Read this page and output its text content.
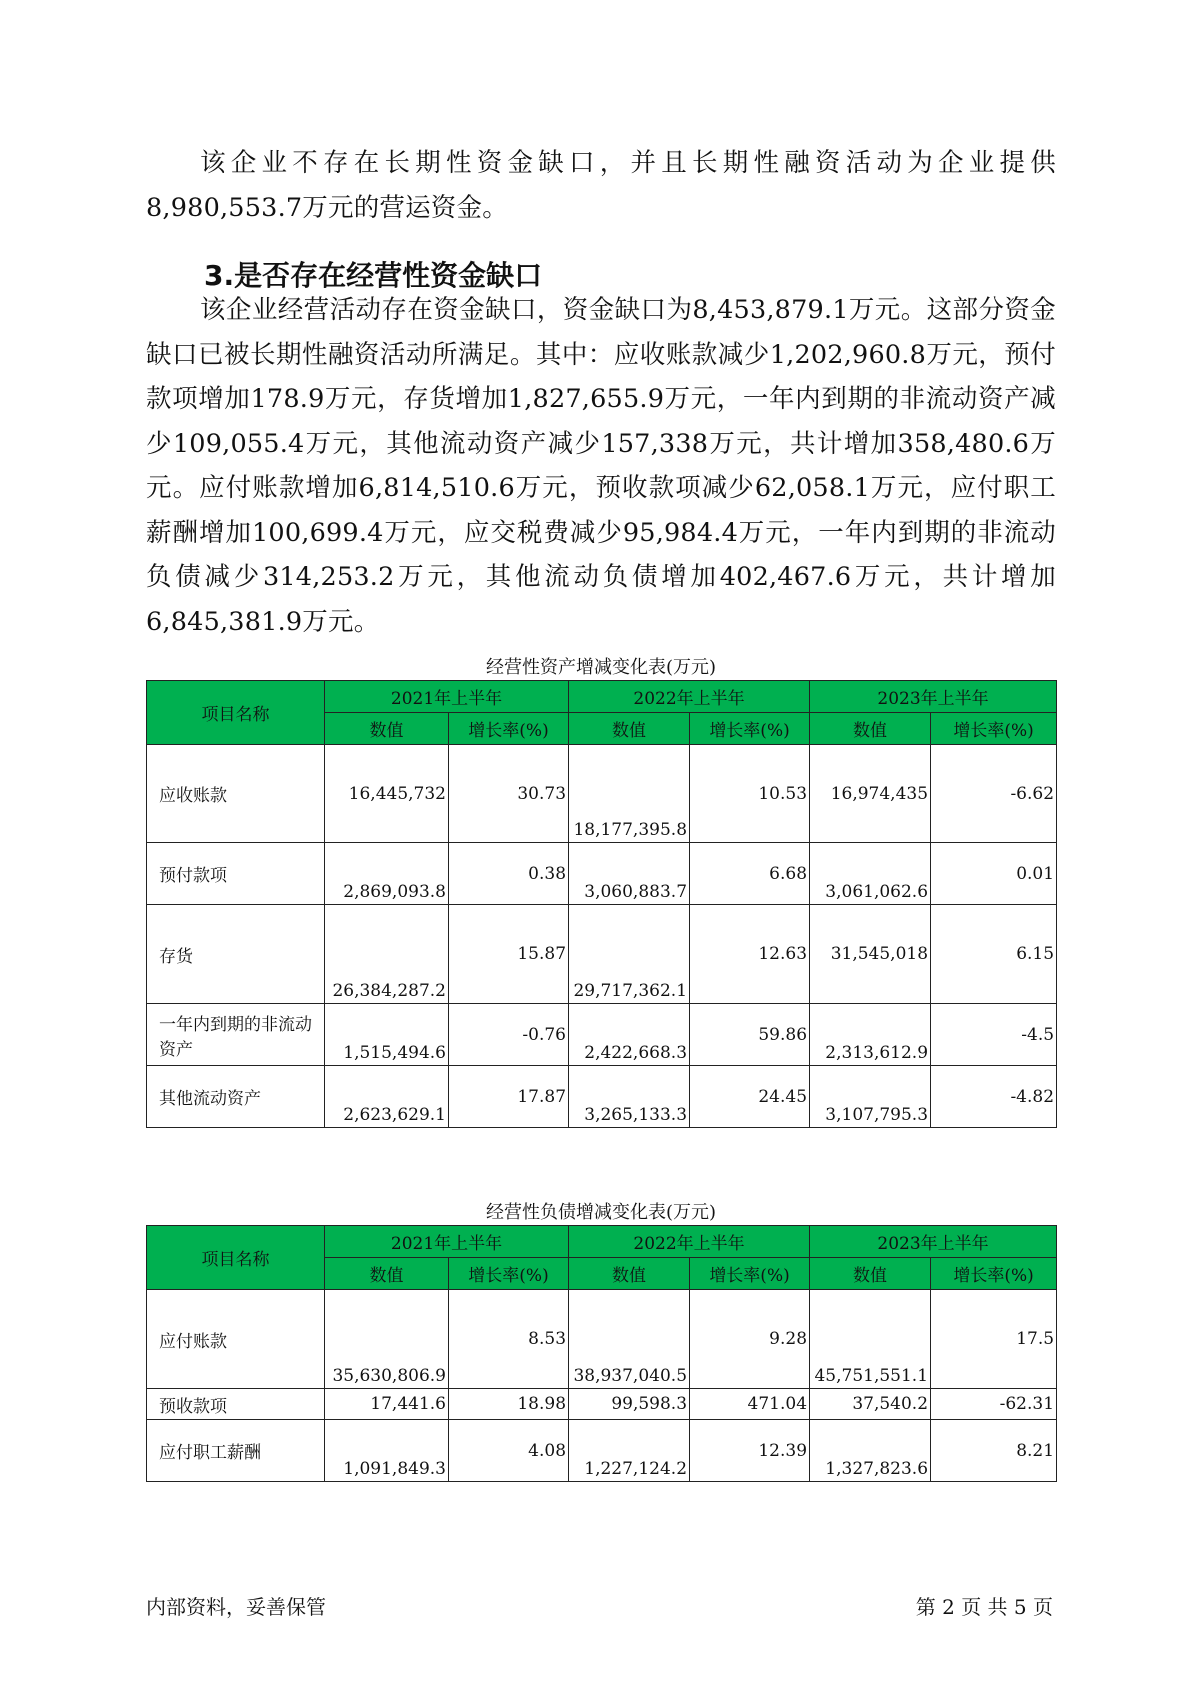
该企业不存在长期性资金缺口，并且长期性融资活动为企业提供8,980,553.7万元的营运资金。

3.是否存在经营性资金缺口

该企业经营活动存在资金缺口，资金缺口为8,453,879.1万元。这部分资金缺口已被长期性融资活动所满足。其中：应收账款减少1,202,960.8万元，预付款项增加178.9万元，存货增加1,827,655.9万元，一年内到期的非流动资产减少109,055.4万元，其他流动资产减少157,338万元，共计增加358,480.6万元。应付账款增加6,814,510.6万元，预收款项减少62,058.1万元，应付职工薪酬增加100,699.4万元，应交税费减少95,984.4万元，一年内到期的非流动负债减少314,253.2万元，其他流动负债增加402,467.6万元，共计增加6,845,381.9万元。

经营性资产增减变化表(万元)

项目名称	2021年上半年		2022年上半年		2023年上半年	
	数值	增长率(%)	数值	增长率(%)	数值	增长率(%)
应收账款	16,445,732	30.73	18,177,395.8	10.53	16,974,435	-6.62
预付款项	2,869,093.8	0.38	3,060,883.7	6.68	3,061,062.6	0.01
存货	26,384,287.2	15.87	29,717,362.1	12.63	31,545,018	6.15
一年内到期的非流动资产	1,515,494.6	-0.76	2,422,668.3	59.86	2,313,612.9	-4.5
其他流动资产	2,623,629.1	17.87	3,265,133.3	24.45	3,107,795.3	-4.82

经营性负债增减变化表(万元)

项目名称	2021年上半年		2022年上半年		2023年上半年	
	数值	增长率(%)	数值	增长率(%)	数值	增长率(%)
应付账款	35,630,806.9	8.53	38,937,040.5	9.28	45,751,551.1	17.5
预收款项	17,441.6	18.98	99,598.3	471.04	37,540.2	-62.31
应付职工薪酬	1,091,849.3	4.08	1,227,124.2	12.39	1,327,823.6	8.21

内部资料，妥善保管	第 2 页 共 5 页
